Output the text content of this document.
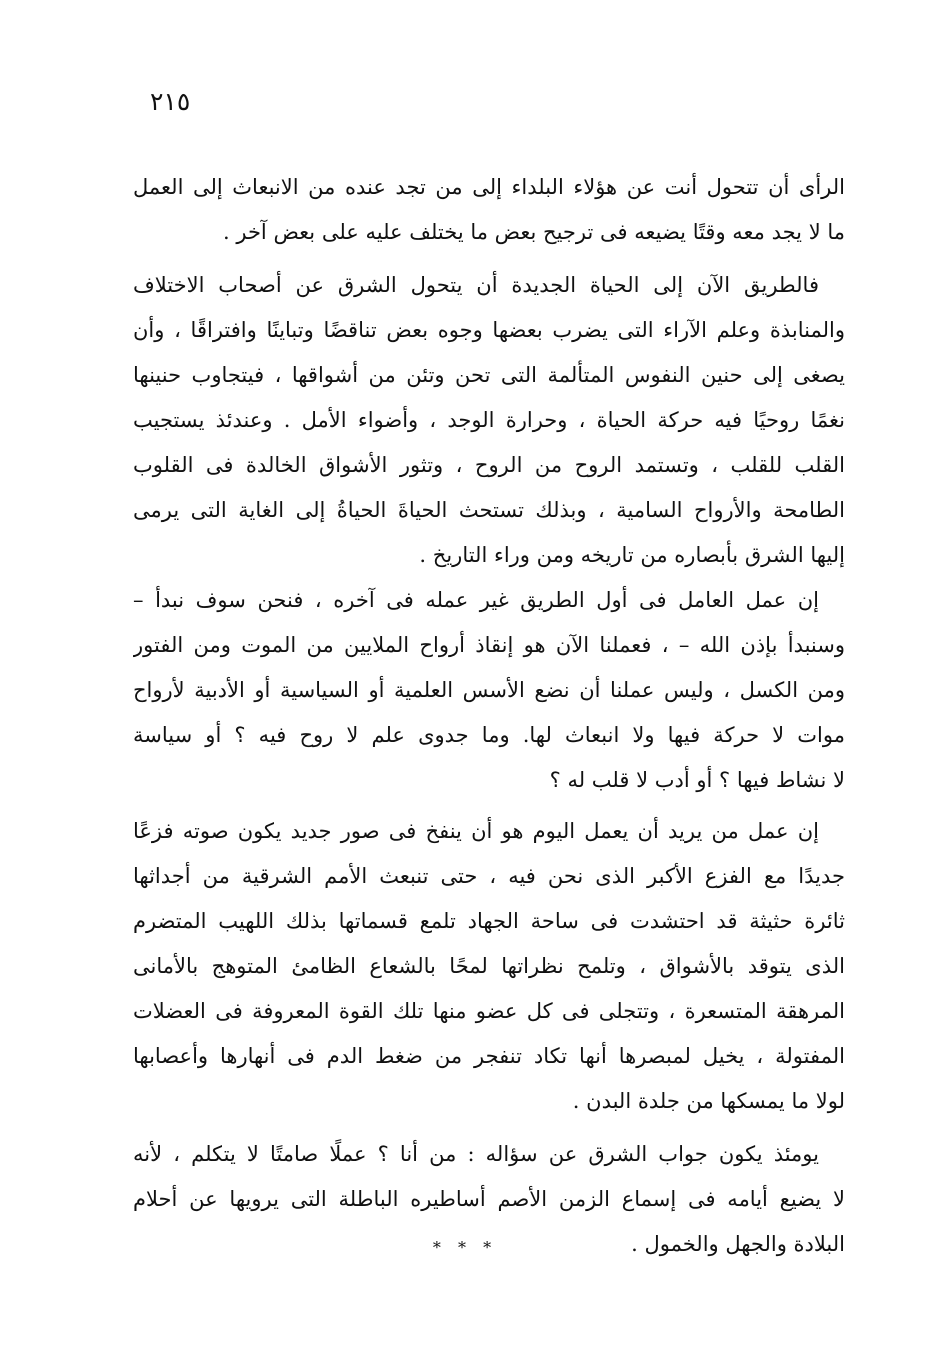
٢١٥
الرأى أن تتحول أنت عن هؤلاء البلداء إلى من تجد عنده من الانبعاث إلى العمل
ما لا يجد معه وقتًا يضيعه فى ترجيح بعض ما يختلف عليه على بعض آخر .
فالطريق الآن إلى الحياة الجديدة أن يتحول الشرق عن أصحاب الاختلاف
والمنابذة وعلم الآراء التى يضرب بعضها وجوه بعض تناقضًا وتباينًا وافتراقًا ، وأن
يصغى إلى حنين النفوس المتألمة التى تحن وتئن من أشواقها ، فيتجاوب حنينها
نغمًا روحيًا فيه حركة الحياة ، وحرارة الوجد ، وأضواء الأمل . وعندئذ يستجيب
القلب للقلب ، وتستمد الروح من الروح ، وتثور الأشواق الخالدة فى القلوب
الطامحة والأرواح السامية ، وبذلك تستحث الحياةَ الحياةُ إلى الغاية التى يرمى
إليها الشرق بأبصاره من تاريخه ومن وراء التاريخ .
إن عمل العامل فى أول الطريق غير عمله فى آخره ، فنحن سوف نبدأ –
وسنبدأ بإذن الله – ، فعملنا الآن هو إنقاذ أرواح الملايين من الموت ومن الفتور
ومن الكسل ، وليس عملنا أن نضع الأسس العلمية أو السياسية أو الأدبية لأرواح
موات لا حركة فيها ولا انبعاث لها. وما جدوى علم لا روح فيه ؟ أو سياسة
لا نشاط فيها ؟ أو أدب لا قلب له ؟
إن عمل من يريد أن يعمل اليوم هو أن ينفخ فى صور جديد يكون صوته فزعًا
جديدًا مع الفزع الأكبر الذى نحن فيه ، حتى تنبعث الأمم الشرقية من أجداثها
ثائرة حثيثة قد احتشدت فى ساحة الجهاد تلمع قسماتها بذلك اللهيب المتضرم
الذى يتوقد بالأشواق ، وتلمح نظراتها لمحًا بالشعاع الظامئ المتوهج بالأمانى
المرهقة المتسعرة ، وتتجلى فى كل عضو منها تلك القوة المعروفة فى العضلات
المفتولة ، يخيل لمبصرها أنها تكاد تنفجر من ضغط الدم فى أنهارها وأعصابها
لولا ما يمسكها من جلدة البدن .
يومئذ يكون جواب الشرق عن سؤاله : من أنا ؟ عملًا صامتًا لا يتكلم ، لأنه
لا يضيع أيامه فى إسماع الزمن الأصم أساطيره الباطلة التى يرويها عن أحلام
البلادة والجهل والخمول .
* * *
